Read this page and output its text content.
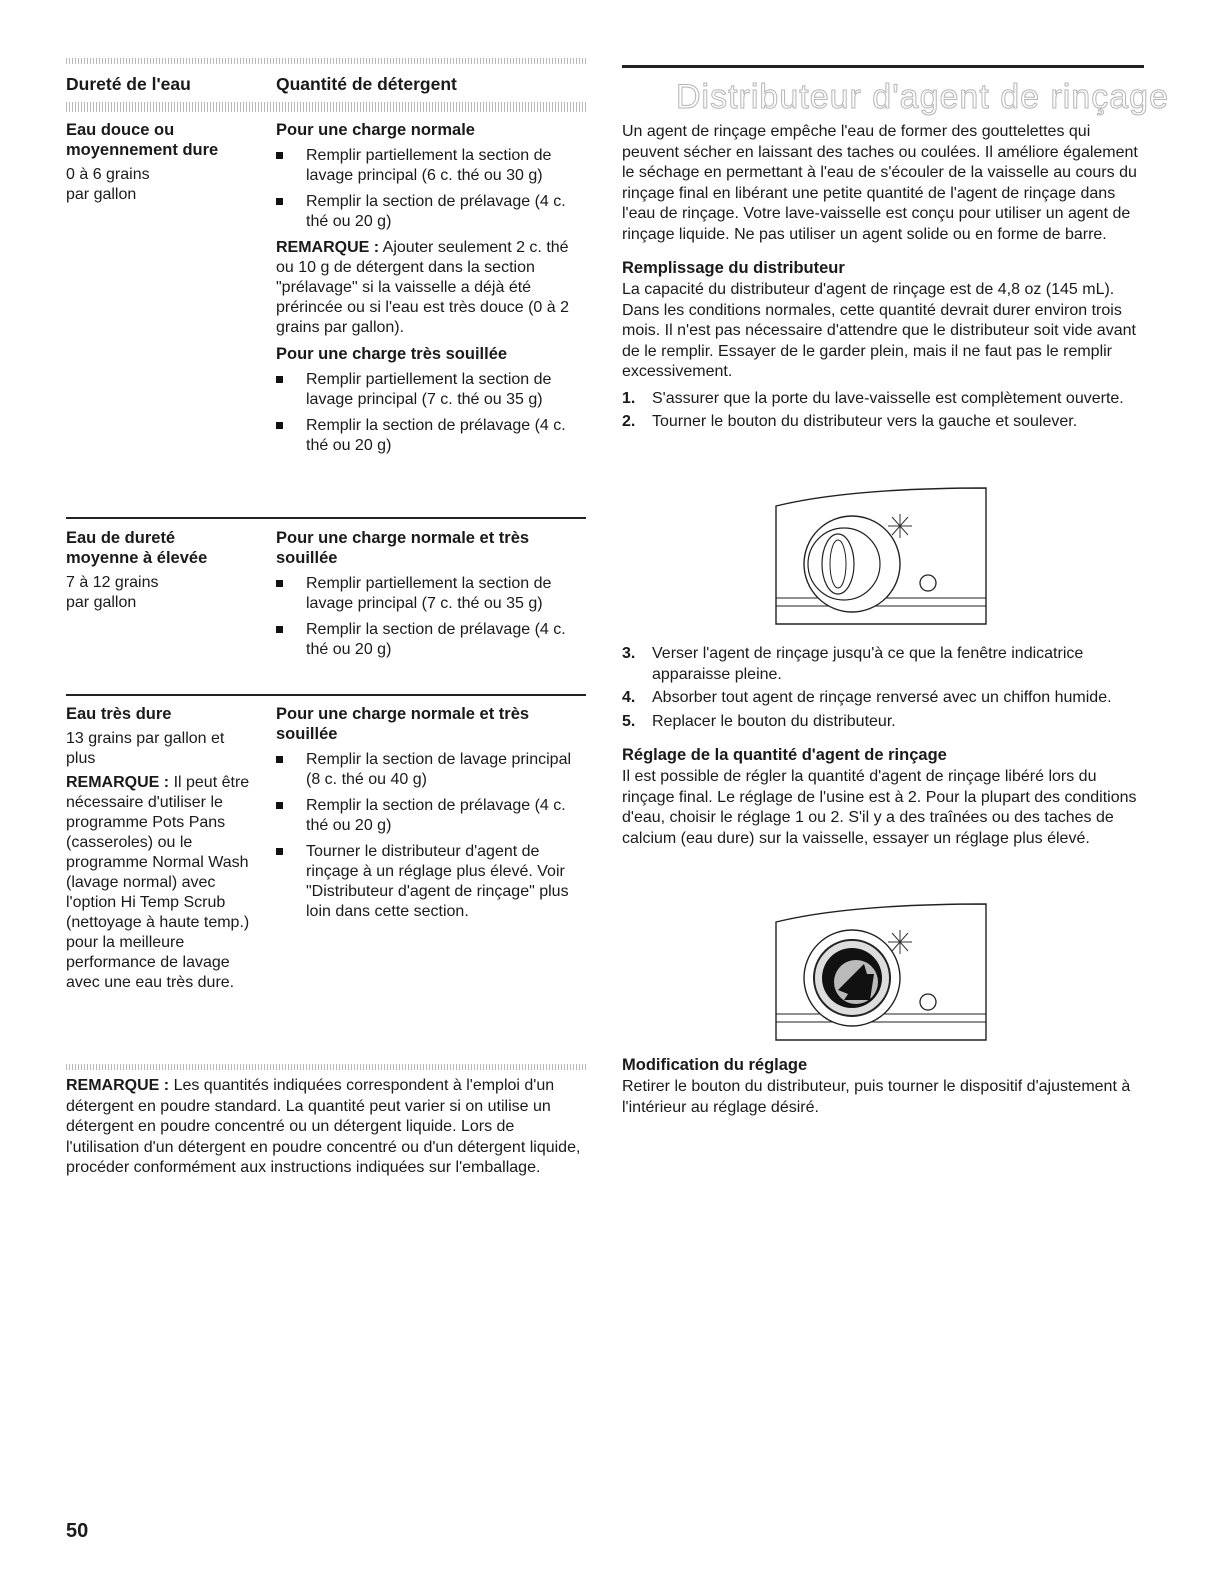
Dureté de l'eau	Quantité de détergent

Eau douce ou moyennement dure

0 à 6 grains par gallon

Pour une charge normale

Remplir partiellement la section de lavage principal (6 c. thé ou 30 g)
Remplir la section de prélavage (4 c. thé ou 20 g)

REMARQUE : Ajouter seulement 2 c. thé ou 10 g de détergent dans la section "prélavage" si la vaisselle a déjà été prérincée ou si l'eau est très douce (0 à 2 grains par gallon).

Pour une charge très souillée

Remplir partiellement la section de lavage principal (7 c. thé ou 35 g)
Remplir la section de prélavage (4 c. thé ou 20 g)

Eau de dureté moyenne à élevée

7 à 12 grains par gallon

Pour une charge normale et très souillée

Remplir partiellement la section de lavage principal (7 c. thé ou 35 g)
Remplir la section de prélavage (4 c. thé ou 20 g)

Eau très dure

13 grains par gallon et plus

REMARQUE : Il peut être nécessaire d'utiliser le programme Pots Pans (casseroles) ou le programme Normal Wash (lavage normal) avec l'option Hi Temp Scrub (nettoyage à haute temp.) pour la meilleure performance de lavage avec une eau très dure.

Pour une charge normale et très souillée

Remplir la section de lavage principal (8 c. thé ou 40 g)
Remplir la section de prélavage (4 c. thé ou 20 g)
Tourner le distributeur d'agent de rinçage à un réglage plus élevé. Voir "Distributeur d'agent de rinçage" plus loin dans cette section.

REMARQUE : Les quantités indiquées correspondent à l'emploi d'un détergent en poudre standard. La quantité peut varier si on utilise un détergent en poudre concentré ou un détergent liquide. Lors de l'utilisation d'un détergent en poudre concentré ou d'un détergent liquide, procéder conformément aux instructions indiquées sur l'emballage.

Distributeur d'agent de rinçage

Un agent de rinçage empêche l'eau de former des gouttelettes qui peuvent sécher en laissant des taches ou coulées. Il améliore également le séchage en permettant à l'eau de s'écouler de la vaisselle au cours du rinçage final en libérant une petite quantité de l'agent de rinçage dans l'eau de rinçage. Votre lave-vaisselle est conçu pour utiliser un agent de rinçage liquide. Ne pas utiliser un agent solide ou en forme de barre.

Remplissage du distributeur

La capacité du distributeur d'agent de rinçage est de 4,8 oz (145 mL). Dans les conditions normales, cette quantité devrait durer environ trois mois. Il n'est pas nécessaire d'attendre que le distributeur soit vide avant de le remplir. Essayer de le garder plein, mais il ne faut pas le remplir excessivement.

1. S'assurer que la porte du lave-vaisselle est complètement ouverte.
2. Tourner le bouton du distributeur vers la gauche et soulever.
3. Verser l'agent de rinçage jusqu'à ce que la fenêtre indicatrice apparaisse pleine.
4. Absorber tout agent de rinçage renversé avec un chiffon humide.
5. Replacer le bouton du distributeur.

Réglage de la quantité d'agent de rinçage

Il est possible de régler la quantité d'agent de rinçage libéré lors du rinçage final. Le réglage de l'usine est à 2. Pour la plupart des conditions d'eau, choisir le réglage 1 ou 2. S'il y a des traînées ou des taches de calcium (eau dure) sur la vaisselle, essayer un réglage plus élevé.

Modification du réglage

Retirer le bouton du distributeur, puis tourner le dispositif d'ajustement à l'intérieur au réglage désiré.

50
